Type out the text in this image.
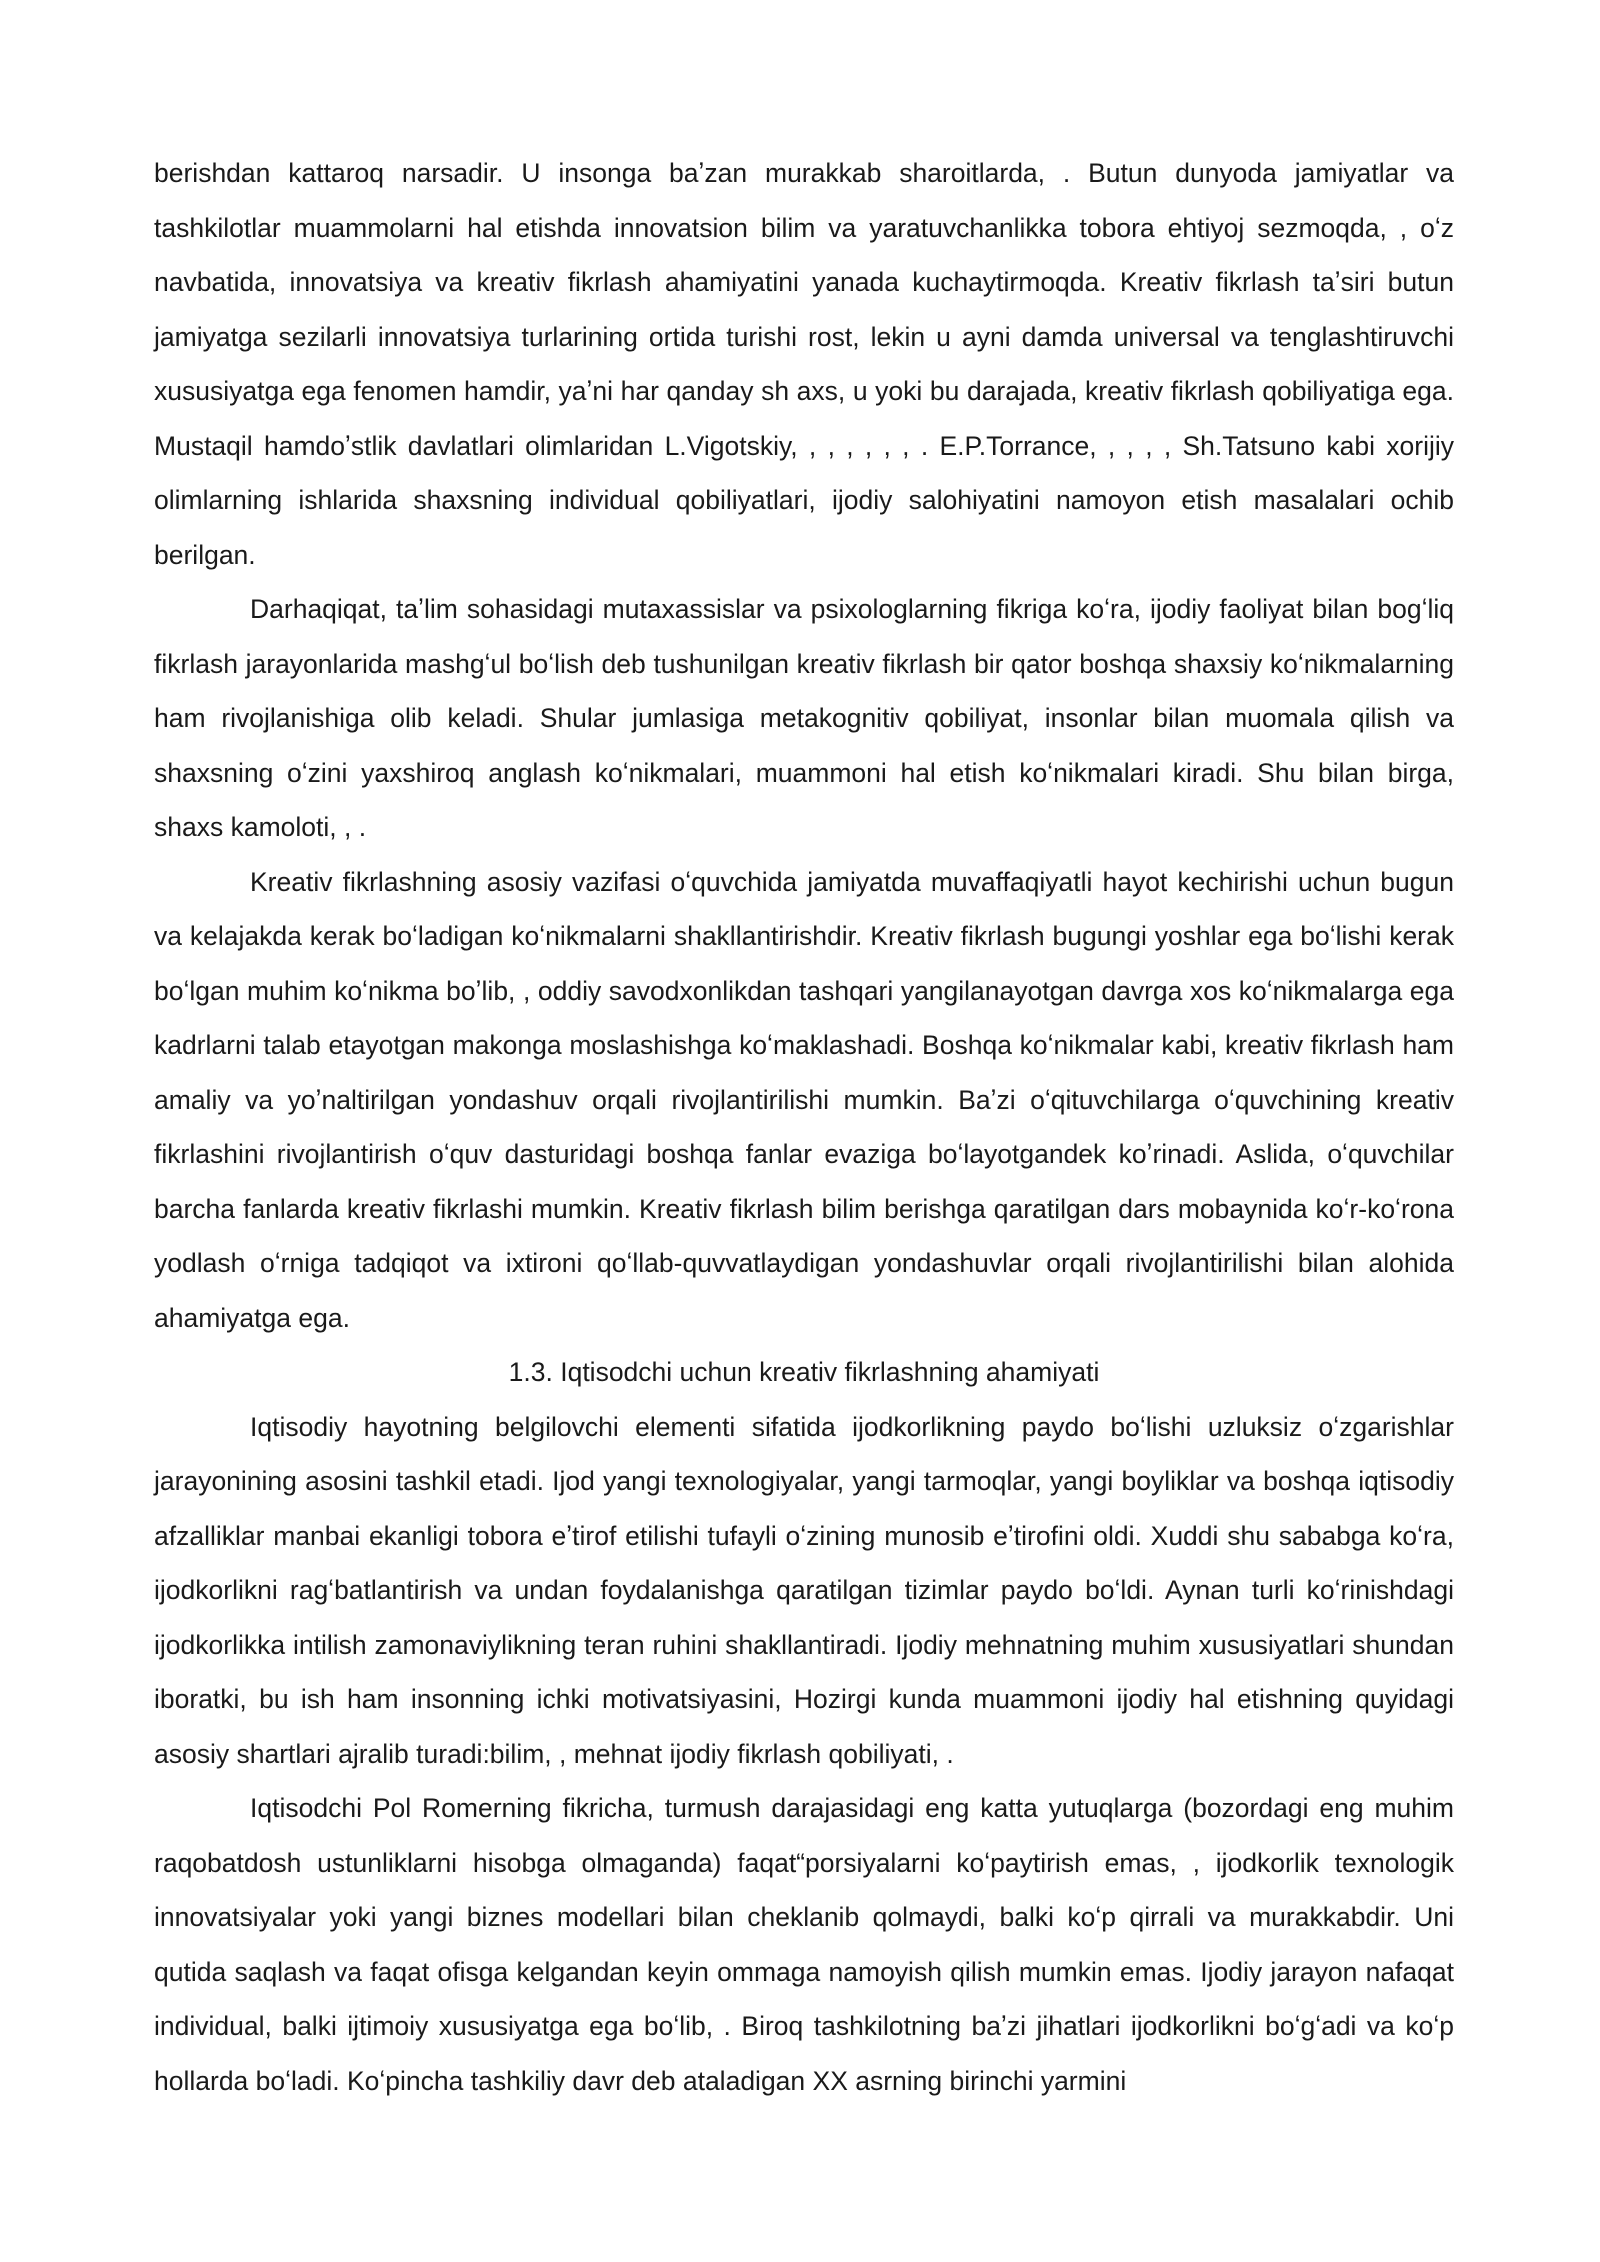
berishdan kattaroq narsadir. U insonga baʼzan murakkab sharoitlarda, . Butun dunyoda jamiyatlar va tashkilotlar muammolarni hal etishda innovatsion bilim va yaratuvchanlikka tobora ehtiyoj sezmoqda, , oʻz navbatida, innovatsiya va kreativ fikrlash ahamiyatini yanada kuchaytirmoqda. Kreativ fikrlash taʼsiri butun jamiyatga sezilarli innovatsiya turlarining ortida turishi rost, lekin u ayni damda universal va tenglashtiruvchi xususiyatga ega fenomen hamdir, yaʼni har qanday sh axs, u yoki bu darajada, kreativ fikrlash qobiliyatiga ega. Mustaqil hamdoʼstlik davlatlari olimlaridan L.Vigotskiy, , , , , , , . E.P.Torrance, , , , , Sh.Tatsuno kabi xorijiy olimlarning ishlarida shaxsning individual qobiliyatlari, ijodiy salohiyatini namoyon etish masalalari ochib berilgan.

Darhaqiqat, taʼlim sohasidagi mutaxassislar va psixologlarning fikriga koʻra, ijodiy faoliyat bilan bogʻliq fikrlash jarayonlarida mashgʻul boʻlish deb tushunilgan kreativ fikrlash bir qator boshqa shaxsiy koʻnikmalarning ham rivojlanishiga olib keladi. Shular jumlasiga metakognitiv qobiliyat, insonlar bilan muomala qilish va shaxsning oʻzini yaxshiroq anglash koʻnikmalari, muammoni hal etish koʻnikmalari kiradi. Shu bilan birga, shaxs kamoloti, , .

Kreativ fikrlashning asosiy vazifasi oʻquvchida jamiyatda muvaffaqiyatli hayot kechirishi uchun bugun va kelajakda kerak boʻladigan koʻnikmalarni shakllantirishdir. Kreativ fikrlash bugungi yoshlar ega boʻlishi kerak boʻlgan muhim koʻnikma boʼlib, , oddiy savodxonlikdan tashqari yangilanayotgan davrga xos koʻnikmalarga ega kadrlarni talab etayotgan makonga moslashishga koʻmaklashadi. Boshqa koʻnikmalar kabi, kreativ fikrlash ham amaliy va yoʼnaltirilgan yondashuv orqali rivojlantirilishi mumkin. Baʼzi oʻqituvchilarga oʻquvchining kreativ fikrlashini rivojlantirish oʻquv dasturidagi boshqa fanlar evaziga boʻlayotgandek koʼrinadi. Aslida, oʻquvchilar barcha fanlarda kreativ fikrlashi mumkin. Kreativ fikrlash bilim berishga qaratilgan dars mobaynida koʻr-koʻrona yodlash oʻrniga tadqiqot va ixtironi qoʻllab-quvvatlaydigan yondashuvlar orqali rivojlantirilishi bilan alohida ahamiyatga ega.

1.3. Iqtisodchi uchun kreativ fikrlashning ahamiyati

Iqtisodiy hayotning belgilovchi elementi sifatida ijodkorlikning paydo boʻlishi uzluksiz oʻzgarishlar jarayonining asosini tashkil etadi. Ijod yangi texnologiyalar, yangi tarmoqlar, yangi boyliklar va boshqa iqtisodiy afzalliklar manbai ekanligi tobora eʼtirof etilishi tufayli oʻzining munosib eʼtirofini oldi. Xuddi shu sababga koʻra, ijodkorlikni ragʻbatlantirish va undan foydalanishga qaratilgan tizimlar paydo boʻldi. Aynan turli koʻrinishdagi ijodkorlikka intilish zamonaviylikning teran ruhini shakllantiradi. Ijodiy mehnatning muhim xususiyatlari shundan iboratki, bu ish ham insonning ichki motivatsiyasini, Hozirgi kunda muammoni ijodiy hal etishning quyidagi asosiy shartlari ajralib turadi:bilim, , mehnat ijodiy fikrlash qobiliyati, .

Iqtisodchi Pol Romerning fikricha, turmush darajasidagi eng katta yutuqlarga (bozordagi eng muhim raqobatdosh ustunliklarni hisobga olmaganda) faqat“porsiyalarni koʻpaytirish emas, , ijodkorlik texnologik innovatsiyalar yoki yangi biznes modellari bilan cheklanib qolmaydi, balki koʻp qirrali va murakkabdir. Uni qutida saqlash va faqat ofisga kelgandan keyin ommaga namoyish qilish mumkin emas. Ijodiy jarayon nafaqat individual, balki ijtimoiy xususiyatga ega boʻlib, . Biroq tashkilotning baʼzi jihatlari ijodkorlikni boʻgʻadi va koʻp hollarda boʻladi. Koʻpincha tashkiliy davr deb ataladigan XX asrning birinchi yarmini
